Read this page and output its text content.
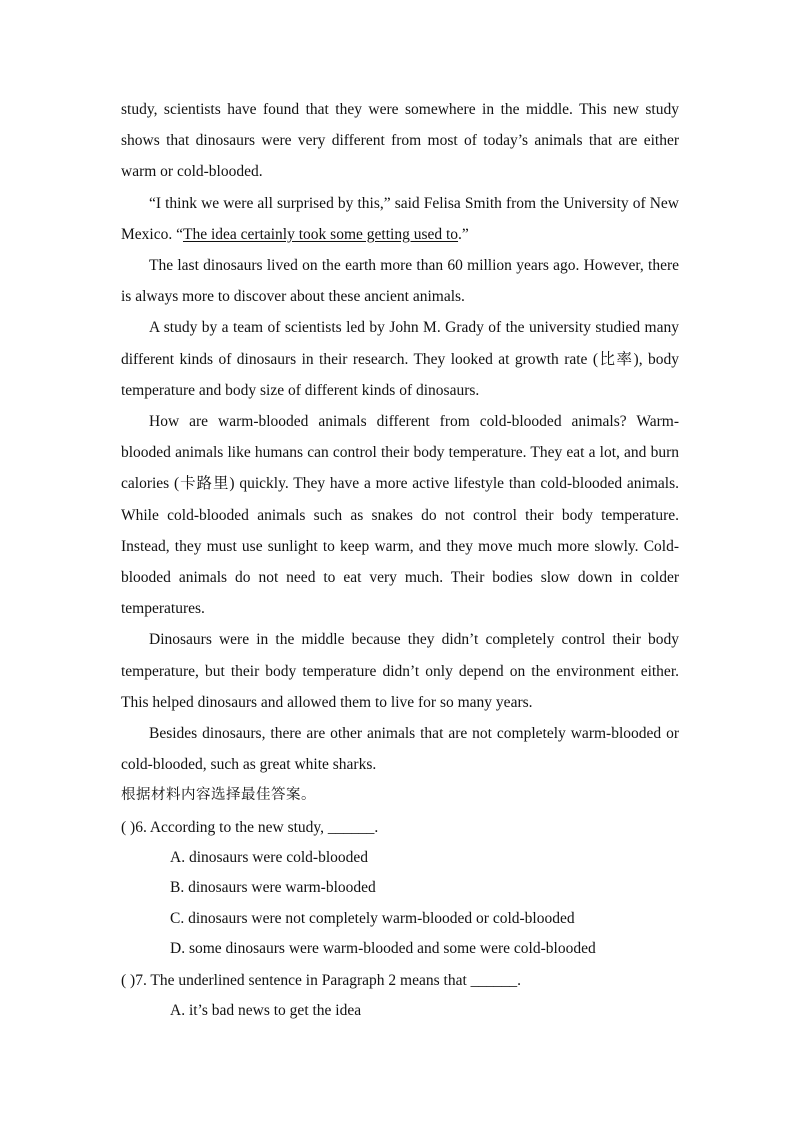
study, scientists have found that they were somewhere in the middle. This new study shows that dinosaurs were very different from most of today’s animals that are either warm or cold-blooded.

“I think we were all surprised by this,” said Felisa Smith from the University of New Mexico. “The idea certainly took some getting used to.”

The last dinosaurs lived on the earth more than 60 million years ago. However, there is always more to discover about these ancient animals.

A study by a team of scientists led by John M. Grady of the university studied many different kinds of dinosaurs in their research. They looked at growth rate (比率), body temperature and body size of different kinds of dinosaurs.

How are warm-blooded animals different from cold-blooded animals? Warm-blooded animals like humans can control their body temperature. They eat a lot, and burn calories (卡路里) quickly. They have a more active lifestyle than cold-blooded animals. While cold-blooded animals such as snakes do not control their body temperature. Instead, they must use sunlight to keep warm, and they move much more slowly. Cold-blooded animals do not need to eat very much. Their bodies slow down in colder temperatures.

Dinosaurs were in the middle because they didn’t completely control their body temperature, but their body temperature didn’t only depend on the environment either. This helped dinosaurs and allowed them to live for so many years.

Besides dinosaurs, there are other animals that are not completely warm-blooded or cold-blooded, such as great white sharks.

根据材料内容选择最佳答案。

( )6. According to the new study, ______.

A. dinosaurs were cold-blooded

B. dinosaurs were warm-blooded

C. dinosaurs were not completely warm-blooded or cold-blooded

D. some dinosaurs were warm-blooded and some were cold-blooded

( )7. The underlined sentence in Paragraph 2 means that ______.

A. it’s bad news to get the idea
